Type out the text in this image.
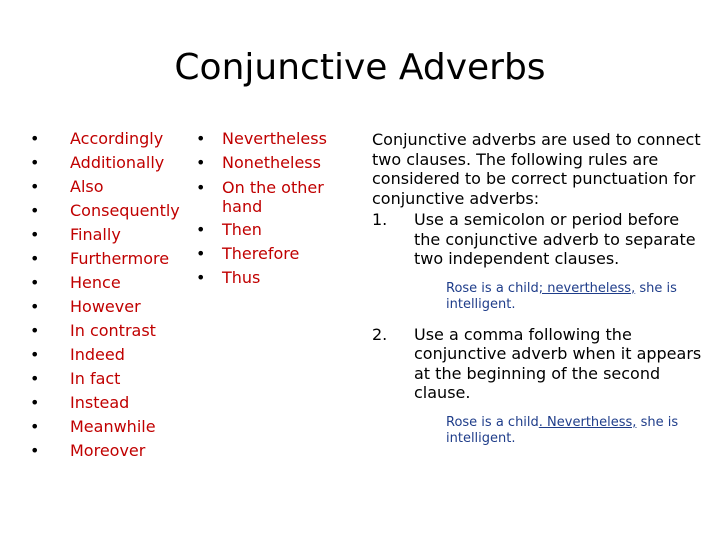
Conjunctive Adverbs
• Accordingly
• Additionally
• Also
• Consequently
• Finally
• Furthermore
• Hence
• However
• In contrast
• Indeed
• In fact
• Instead
• Meanwhile
• Moreover
• Nevertheless
• Nonetheless
• On the other hand
• Then
• Therefore
• Thus

Conjunctive adverbs are used to connect two clauses. The following rules are considered to be correct punctuation for conjunctive adverbs:

1.	Use a semicolon or period before the conjunctive adverb to separate two independent clauses.
Rose is a child; nevertheless, she is intelligent.
2.	Use a comma following the conjunctive adverb when it appears at the beginning of the second clause.
Rose is a child. Nevertheless, she is intelligent.
